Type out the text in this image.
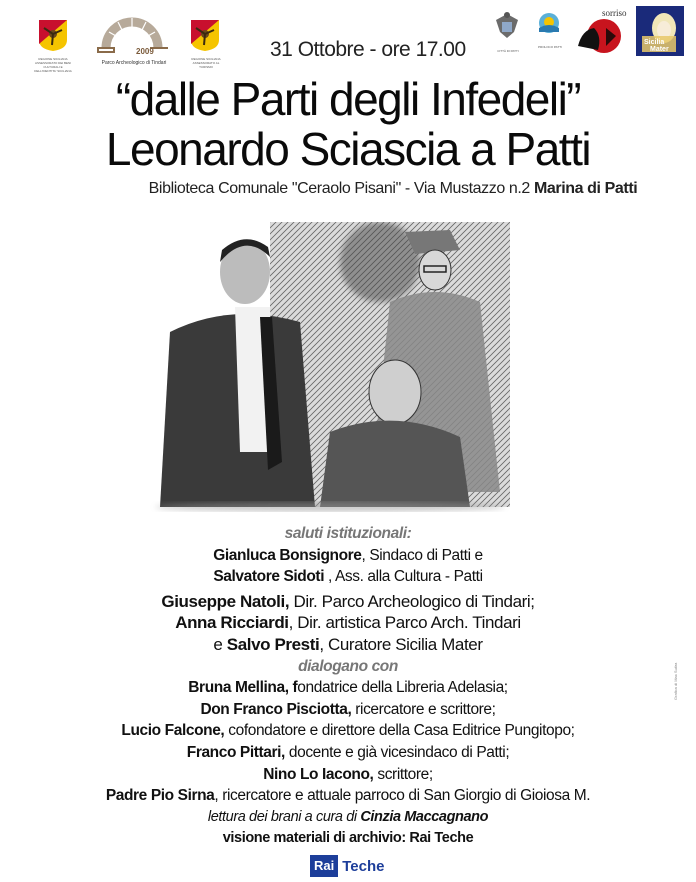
REGIONE SICILIANA ASSESSORATO DEI BENI CULTURALI E DELL'IDENTITA' SICILIANA
2009
Parco Archeologico di Tindari
REGIONE SICILIANA ASSESSORATO AL TURISMO
CITTÀ DI PATTI
PROLOCO PATTI
sorriso
Sicilia
Mater
31 Ottobre - ore 17.00
“dalle Parti degli Infedeli”
Leonardo Sciascia a Patti
Biblioteca Comunale "Ceraolo Pisani" - Via Mustazzo n.2 Marina di Patti
saluti istituzionali:
Gianluca Bonsignore, Sindaco di Patti e
Salvatore Sidoti , Ass. alla Cultura - Patti
Giuseppe Natoli, Dir. Parco Archeologico di Tindari;
Anna Ricciardi, Dir. artistica Parco Arch. Tindari
e Salvo Presti, Curatore Sicilia Mater
dialogano con
Bruna Mellina, fondatrice della Libreria Adelasia;
Don Franco Pisciotta, ricercatore e scrittore;
Lucio Falcone, cofondatore e direttore della Casa Editrice Pungitopo;
Franco Pittari, docente e già vicesindaco di Patti;
Nino Lo Iacono, scrittore;
Padre Pio Sirna, ricercatore e attuale parroco di San Giorgio di Gioiosa M.
lettura dei brani a cura di Cinzia Maccagnano
visione materiali di archivio: Rai Teche
Rai Teche
Grafica di Max Sultra
